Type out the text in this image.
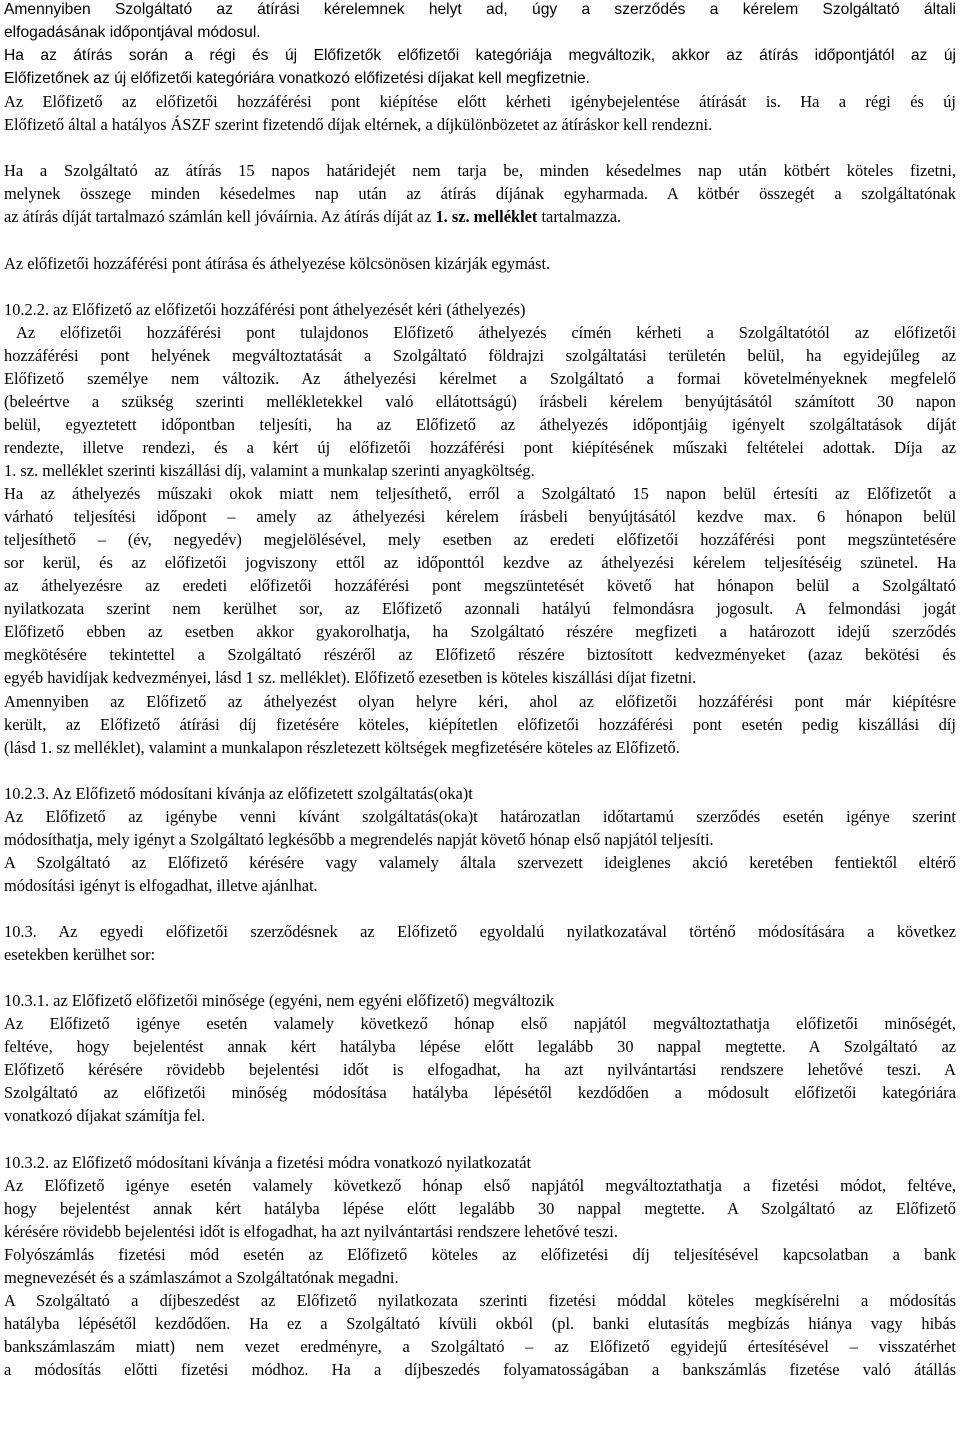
Amennyiben Szolgáltató az átírási kérelemnek helyt ad, úgy a szerződés a kérelem Szolgáltató általi
elfogadásának időpontjával módosul.
Ha az átírás során a régi és új Előfizetők előfizetői kategóriája megváltozik, akkor az átírás időpontjától az új
Előfizetőnek az új előfizetői kategóriára vonatkozó előfizetési díjakat kell megfizetnie.
Az Előfizető az előfizetői hozzáférési pont kiépítése előtt kérheti igénybejelentése átírását is. Ha a régi és új
Előfizető által a hatályos ÁSZF szerint fizetendő díjak eltérnek, a díjkülönbözetet az átíráskor kell rendezni.
Ha a Szolgáltató az átírás 15 napos határidejét nem tarja be, minden késedelmes nap után kötbért köteles fizetni,
melynek összege minden késedelmes nap után az átírás díjának egyharmada. A kötbér összegét a szolgáltatónak
az átírás díját tartalmazó számlán kell jóváírnia. Az átírás díját az 1. sz. melléklet tartalmazza.
Az előfizetői hozzáférési pont átírása és áthelyezése kölcsönösen kizárják egymást.
10.2.2. az Előfizető az előfizetői hozzáférési pont áthelyezését kéri (áthelyezés)
Az előfizetői hozzáférési pont tulajdonos Előfizető áthelyezés címén kérheti a Szolgáltatótól az előfizetői
hozzáférési pont helyének megváltoztatását a Szolgáltató földrajzi szolgáltatási területén belül, ha egyidejűleg az
Előfizető személye nem változik. Az áthelyezési kérelmet a Szolgáltató a formai követelményeknek megfelelő
(beleértve a szükség szerinti mellékletekkel való ellátottságú) írásbeli kérelem benyújtásától számított 30 napon
belül, egyeztetett időpontban teljesíti, ha az Előfizető az áthelyezés időpontjáig igényelt szolgáltatások díját
rendezte, illetve rendezi, és a kért új előfizetői hozzáférési pont kiépítésének műszaki feltételei adottak. Díja az
1. sz. melléklet szerinti kiszállási díj, valamint a munkalap szerinti anyagköltség.
Ha az áthelyezés műszaki okok miatt nem teljesíthető, erről a Szolgáltató 15 napon belül értesíti az Előfizetőt a
várható teljesítési időpont – amely az áthelyezési kérelem írásbeli benyújtásától kezdve max. 6 hónapon belül
teljesíthető – (év, negyedév) megjelölésével, mely esetben az eredeti előfizetői hozzáférési pont megszüntetésére
sor kerül, és az előfizetői jogviszony ettől az időponttól kezdve az áthelyezési kérelem teljesítéséig szünetel. Ha
az áthelyezésre az eredeti előfizetői hozzáférési pont megszüntetését követő hat hónapon belül a Szolgáltató
nyilatkozata szerint nem kerülhet sor, az Előfizető azonnali hatályú felmondásra jogosult. A felmondási jogát
Előfizető ebben az esetben akkor gyakorolhatja, ha Szolgáltató részére megfizeti a határozott idejű szerződés
megkötésére tekintettel a Szolgáltató részéről az Előfizető részére biztosított kedvezményeket (azaz bekötési és
egyéb havidíjak kedvezményei, lásd 1 sz. melléklet). Előfizető ezesetben is köteles kiszállási díjat fizetni.
Amennyiben az Előfizető az áthelyezést olyan helyre kéri, ahol az előfizetői hozzáférési pont már kiépítésre
került, az Előfizető átírási díj fizetésére köteles, kiépítetlen előfizetői hozzáférési pont esetén pedig kiszállási díj
(lásd 1. sz melléklet), valamint a munkalapon részletezett költségek megfizetésére köteles az Előfizető.
10.2.3. Az Előfizető módosítani kívánja az előfizetett szolgáltatás(oka)t
Az Előfizető az igénybe venni kívánt szolgáltatás(oka)t határozatlan időtartamú szerződés esetén igénye szerint
módosíthatja, mely igényt a Szolgáltató legkésőbb a megrendelés napját követő hónap első napjától teljesíti.
A Szolgáltató az Előfizető kérésére vagy valamely általa szervezett ideiglenes akció keretében fentiektől eltérő
módosítási igényt is elfogadhat, illetve ajánlhat.
10.3. Az egyedi előfizetői szerződésnek az Előfizető egyoldalú nyilatkozatával történő módosítására a következ
esetekben kerülhet sor:
10.3.1. az Előfizető előfizetői minősége (egyéni, nem egyéni előfizető) megváltozik
Az Előfizető igénye esetén valamely következő hónap első napjától megváltoztathatja előfizetői minőségét,
feltéve, hogy bejelentést annak kért hatályba lépése előtt legalább 30 nappal megtette. A Szolgáltató az
Előfizető kérésére rövidebb bejelentési időt is elfogadhat, ha azt nyilvántartási rendszere lehetővé teszi. A
Szolgáltató az előfizetői minőség módosítása hatályba lépésétől kezdődően a módosult előfizetői kategóriára
vonatkozó díjakat számítja fel.
10.3.2. az Előfizető módosítani kívánja a fizetési módra vonatkozó nyilatkozatát
Az Előfizető igénye esetén valamely következő hónap első napjától megváltoztathatja a fizetési módot, feltéve,
hogy bejelentést annak kért hatályba lépése előtt legalább 30 nappal megtette. A Szolgáltató az Előfizető
kérésére rövidebb bejelentési időt is elfogadhat, ha azt nyilvántartási rendszere lehetővé teszi.
Folyószámlás fizetési mód esetén az Előfizető köteles az előfizetési díj teljesítésével kapcsolatban a bank
megnevezését és a számlaszámot a Szolgáltatónak megadni.
A Szolgáltató a díjbeszedést az Előfizető nyilatkozata szerinti fizetési móddal köteles megkísérelni a módosítás
hatályba lépésétől kezdődően. Ha ez a Szolgáltató kívüli okból (pl. banki elutasítás megbízás hiánya vagy hibás
bankszámlaszám miatt) nem vezet eredményre, a Szolgáltató – az Előfizető egyidejű értesítésével – visszatérhet
a módosítás előtti fizetési módhoz. Ha a díjbeszedés folyamatosságában a bankszámlás fizetése való átállás
